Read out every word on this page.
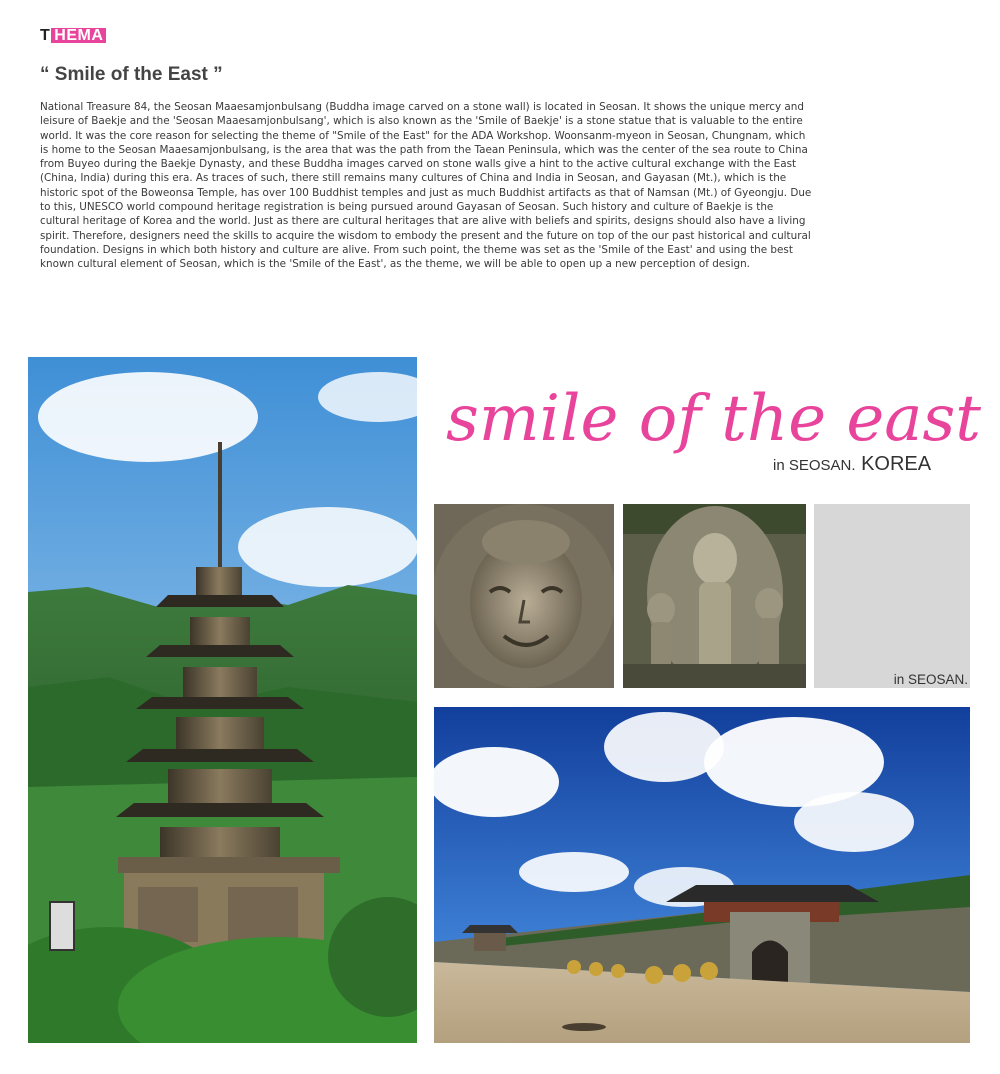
T HEMA
“ Smile of the East ”

National Treasure 84, the Seosan Maaesamjonbulsang (Buddha image carved on a stone wall) is located in Seosan. It shows the unique mercy and leisure of Baekje and the 'Seosan Maaesamjonbulsang', which is also known as the 'Smile of Baekje' is a stone statue that is valuable to the entire world. It was the core reason for selecting the theme of "Smile of the East" for the ADA Workshop. Woonsanm-myeon in Seosan, Chungnam, which is home to the Seosan Maaesamjonbulsang, is the area that was the path from the Taean Peninsula, which was the center of the sea route to China from Buyeo during the Baekje Dynasty, and these Buddha images carved on stone walls give a hint to the active cultural exchange with the East (China, India) during this era. As traces of such, there still remains many cultures of China and India in Seosan, and Gayasan (Mt.), which is the historic spot of the Boweonsa Temple, has over 100 Buddhist temples and just as much Buddhist artifacts as that of Namsan (Mt.) of Gyeongju. Due to this, UNESCO world compound heritage registration is being pursued around Gayasan of Seosan. Such history and culture of Baekje is the cultural heritage of Korea and the world. Just as there are cultural heritages that are alive with beliefs and spirits, designs should also have a living spirit. Therefore, designers need the skills to acquire the wisdom to embody the present and the future on top of the our past historical and cultural foundation. Designs in which both history and culture are alive. From such point, the theme was set as the 'Smile of the East' and using the best known cultural element of Seosan, which is the 'Smile of the East', as the theme, we will be able to open up a new perception of design.

smile of the east
in SEOSAN. KOREA
in SEOSAN.
